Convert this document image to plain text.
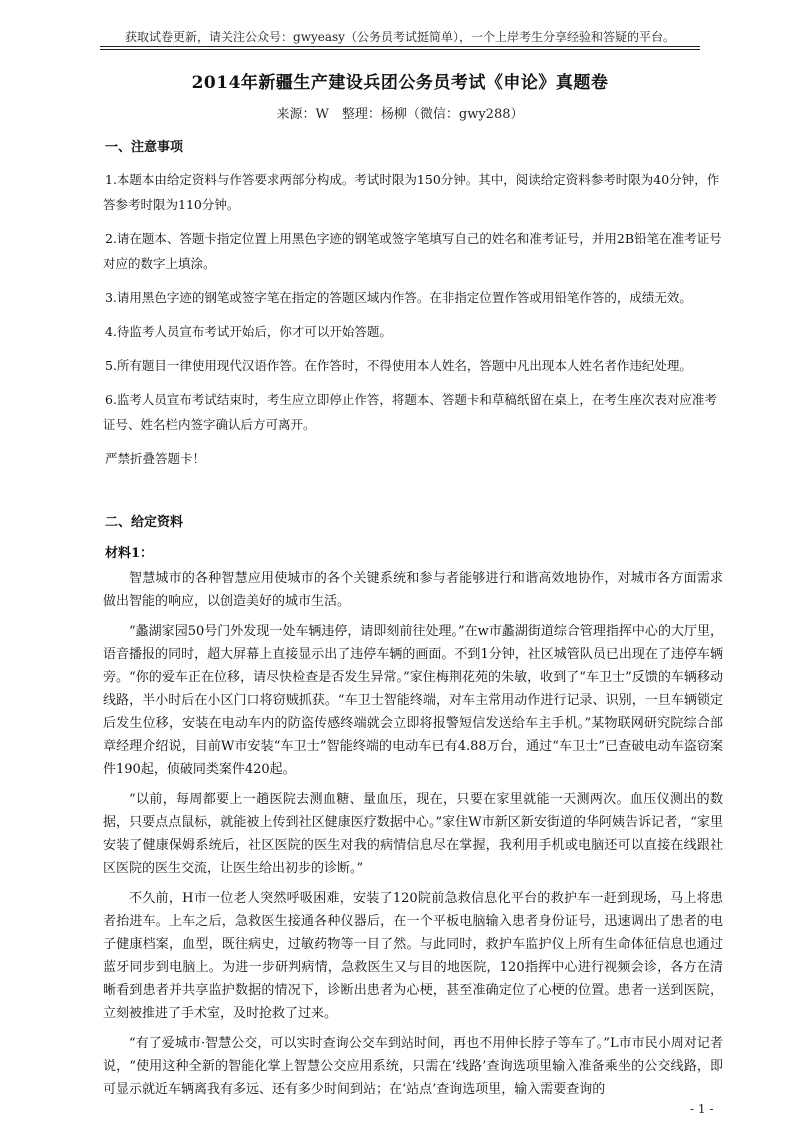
获取试卷更新，请关注公众号：gwyeasy（公务员考试挺简单），一个上岸考生分享经验和答疑的平台。
2014年新疆生产建设兵团公务员考试《申论》真题卷
来源：W　整理：杨柳（微信：gwy288）
一、注意事项

1.本题本由给定资料与作答要求两部分构成。考试时限为150分钟。其中，阅读给定资料参考时限为40分钟，作答参考时限为110分钟。

2.请在题本、答题卡指定位置上用黑色字迹的钢笔或签字笔填写自己的姓名和准考证号，并用2B铅笔在准考证号对应的数字上填涂。

3.请用黑色字迹的钢笔或签字笔在指定的答题区域内作答。在非指定位置作答或用铅笔作答的，成绩无效。

4.待监考人员宣布考试开始后，你才可以开始答题。

5.所有题目一律使用现代汉语作答。在作答时，不得使用本人姓名，答题中凡出现本人姓名者作违纪处理。

6.监考人员宣布考试结束时，考生应立即停止作答，将题本、答题卡和草稿纸留在桌上，在考生座次表对应准考证号、姓名栏内签字确认后方可离开。

严禁折叠答题卡！

二、给定资料
材料1：

智慧城市的各种智慧应用使城市的各个关键系统和参与者能够进行和谐高效地协作，对城市各方面需求做出智能的响应，以创造美好的城市生活。

“蠡湖家园50号门外发现一处车辆违停，请即刻前往处理。”在w市蠡湖街道综合管理指挥中心的大厅里，语音播报的同时，超大屏幕上直接显示出了违停车辆的画面。不到1分钟，社区城管队员已出现在了违停车辆旁。“你的爱车正在位移，请尽快检查是否发生异常。”家住梅荆花苑的朱敏，收到了“车卫士”反馈的车辆移动线路，半小时后在小区门口将窃贼抓获。“车卫士智能终端，对车主常用动作进行记录、识别，一旦车辆锁定后发生位移，安装在电动车内的防盗传感终端就会立即将报警短信发送给车主手机。”某物联网研究院综合部章经理介绍说，目前W市安装“车卫士”智能终端的电动车已有4.88万台，通过“车卫士”已查破电动车盗窃案件190起，侦破同类案件420起。

“以前，每周都要上一趟医院去测血糖、量血压，现在，只要在家里就能一天测两次。血压仪测出的数据，只要点点鼠标，就能被上传到社区健康医疗数据中心。”家住W市新区新安街道的华阿姨告诉记者，“家里安装了健康保姆系统后，社区医院的医生对我的病情信息尽在掌握，我利用手机或电脑还可以直接在线跟社区医院的医生交流，让医生给出初步的诊断。”

不久前，H市一位老人突然呼吸困难，安装了120院前急救信息化平台的救护车一赶到现场，马上将患者抬进车。上车之后，急救医生接通各种仪器后，在一个平板电脑输入患者身份证号，迅速调出了患者的电子健康档案，血型，既往病史，过敏药物等一目了然。与此同时，救护车监护仪上所有生命体征信息也通过蓝牙同步到电脑上。为进一步研判病情，急救医生又与目的地医院，120指挥中心进行视频会诊，各方在清晰看到患者并共享监护数据的情况下，诊断出患者为心梗，甚至准确定位了心梗的位置。患者一送到医院，立刻被推进了手术室，及时抢救了过来。

“有了爱城市·智慧公交，可以实时查询公交车到站时间，再也不用伸长脖子等车了。”L市市民小周对记者说，“使用这种全新的智能化掌上智慧公交应用系统，只需在‘线路’查询选项里输入准备乘坐的公交线路，即可显示就近车辆离我有多远、还有多少时间到站；在‘站点’查询选项里，输入需要查询的

- 1 -
